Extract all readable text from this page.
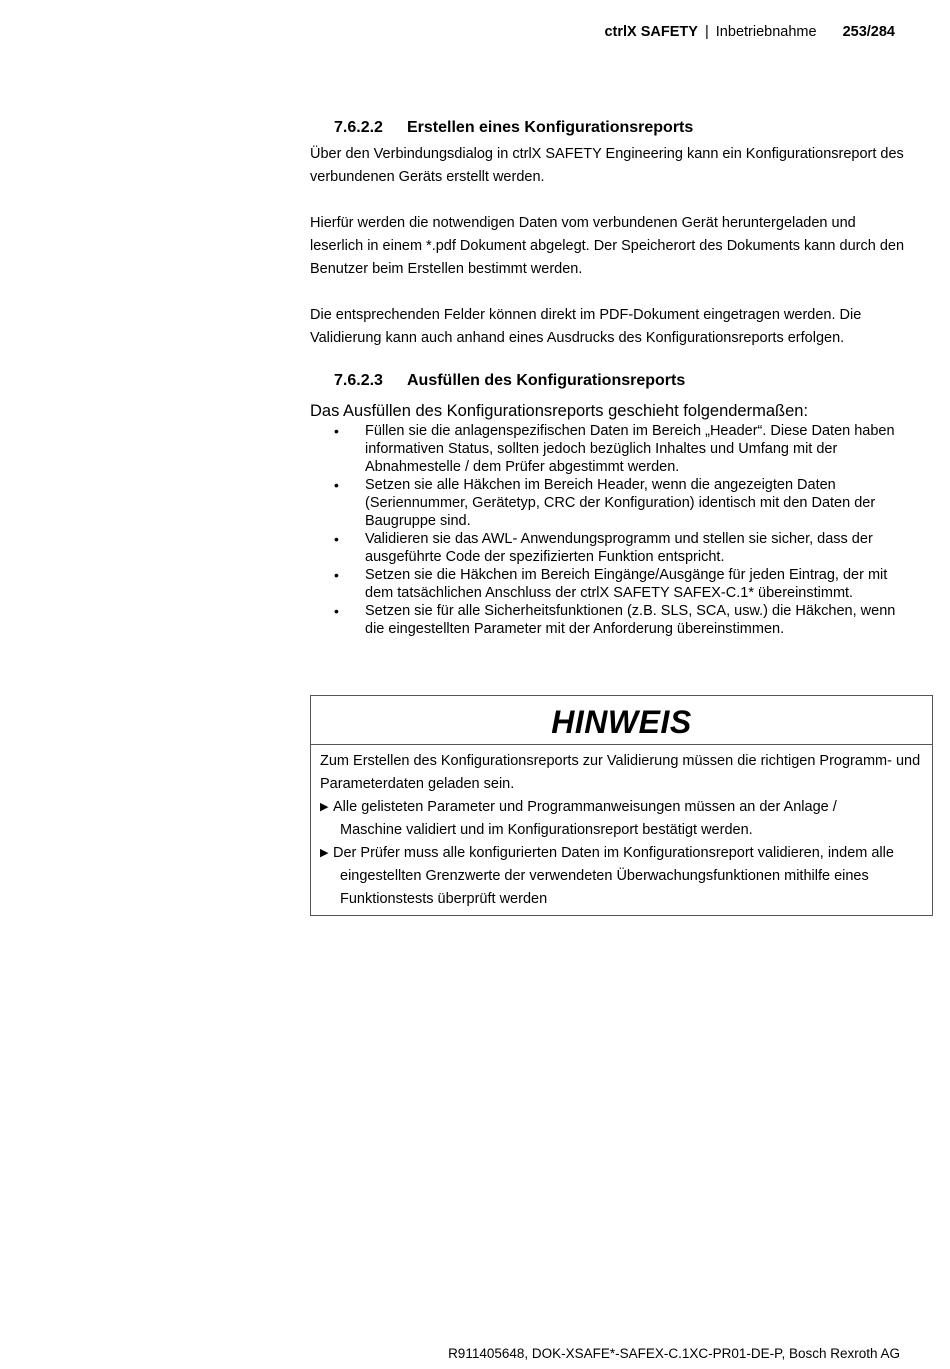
ctrlX SAFETY | Inbetriebnahme 253/284
7.6.2.2 Erstellen eines Konfigurationsreports

Über den Verbindungsdialog in ctrlX SAFETY Engineering kann ein Konfigurationsreport des verbundenen Geräts erstellt werden.

Hierfür werden die notwendigen Daten vom verbundenen Gerät heruntergeladen und leserlich in einem *.pdf Dokument abgelegt. Der Speicherort des Dokuments kann durch den Benutzer beim Erstellen bestimmt werden.

Die entsprechenden Felder können direkt im PDF-Dokument eingetragen werden. Die Validierung kann auch anhand eines Ausdrucks des Konfigurationsreports erfolgen.

7.6.2.3 Ausfüllen des Konfigurationsreports

Das Ausfüllen des Konfigurationsreports geschieht folgendermaßen:

• Füllen sie die anlagenspezifischen Daten im Bereich „Header“. Diese Daten haben informativen Status, sollten jedoch bezüglich Inhaltes und Umfang mit der Abnahmestelle / dem Prüfer abgestimmt werden.
• Setzen sie alle Häkchen im Bereich Header, wenn die angezeigten Daten (Seriennummer, Gerätetyp, CRC der Konfiguration) identisch mit den Daten der Baugruppe sind.
• Validieren sie das AWL- Anwendungsprogramm und stellen sie sicher, dass der ausgeführte Code der spezifizierten Funktion entspricht.
• Setzen sie die Häkchen im Bereich Eingänge/Ausgänge für jeden Eintrag, der mit dem tatsächlichen Anschluss der ctrlX SAFETY SAFEX-C.1* übereinstimmt.
• Setzen sie für alle Sicherheitsfunktionen (z.B. SLS, SCA, usw.) die Häkchen, wenn die eingestellten Parameter mit der Anforderung übereinstimmen.
HINWEIS
Zum Erstellen des Konfigurationsreports zur Validierung müssen die richtigen Programm- und Parameterdaten geladen sein.
▶ Alle gelisteten Parameter und Programmanweisungen müssen an der Anlage /
Maschine validiert und im Konfigurationsreport bestätigt werden.
▶ Der Prüfer muss alle konfigurierten Daten im Konfigurationsreport validieren, indem alle
eingestellten Grenzwerte der verwendeten Überwachungsfunktionen mithilfe eines Funktionstests überprüft werden
R911405648, DOK-XSAFE*-SAFEX-C.1XC-PR01-DE-P, Bosch Rexroth AG
